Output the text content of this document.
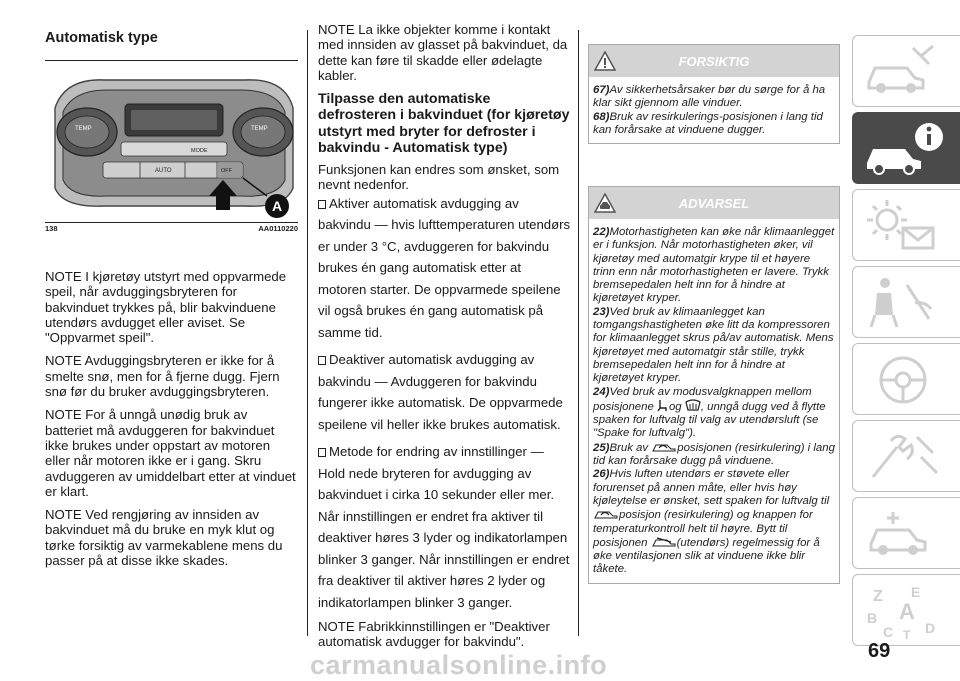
Automatisk type
A
TEMP	TEMP
AUTO
MODE
OFF
138	AA0110220

NOTE I kjøretøy utstyrt med oppvarmede speil, når avduggingsbryteren for bakvinduet trykkes på, blir bakvinduene utendørs avdugget eller aviset. Se "Oppvarmet speil".

NOTE Avduggingsbryteren er ikke for å smelte snø, men for å fjerne dugg. Fjern snø før du bruker avduggingsbryteren.

NOTE For å unngå unødig bruk av batteriet må avduggeren for bakvinduet ikke brukes under oppstart av motoren eller når motoren ikke er i gang. Skru avduggeren av umiddelbart etter at vinduet er klart.

NOTE Ved rengjøring av innsiden av bakvinduet må du bruke en myk klut og tørke forsiktig av varmekablene mens du passer på at disse ikke skades.

NOTE La ikke objekter komme i kontakt med innsiden av glasset på bakvinduet, da dette kan føre til skadde eller ødelagte kabler.

Tilpasse den automatiske defrosteren i bakvinduet (for kjøretøy utstyrt med bryter for defroster i bakvindu - Automatisk type)

Funksjonen kan endres som ønsket, som nevnt nedenfor.

Aktiver automatisk avdugging av bakvindu — hvis lufttemperaturen utendørs er under 3 °C, avduggeren for bakvindu brukes én gang automatisk etter at motoren starter. De oppvarmede speilene vil også brukes én gang automatisk på samme tid.
Deaktiver automatisk avdugging av bakvindu — Avduggeren for bakvindu fungerer ikke automatisk. De oppvarmede speilene vil heller ikke brukes automatisk.
Metode for endring av innstillinger — Hold nede bryteren for avdugging av bakvinduet i cirka 10 sekunder eller mer. Når innstillingen er endret fra aktiver til deaktiver høres 3 lyder og indikatorlampen blinker 3 ganger. Når innstillingen er endret fra deaktiver til aktiver høres 2 lyder og indikatorlampen blinker 3 ganger.

NOTE Fabrikkinnstillingen er "Deaktiver automatisk avdugger for bakvindu".

FORSIKTIG

67)Av sikkerhetsårsaker bør du sørge for å ha klar sikt gjennom alle vinduer.

68)Bruk av resirkulerings-posisjonen i lang tid kan forårsake at vinduene dugger.

ADVARSEL

22)Motorhastigheten kan øke når klimaanlegget er i funksjon. Når motorhastigheten øker, vil kjøretøy med automatgir krype til et høyere trinn enn når motorhastigheten er lavere. Trykk bremsepedalen helt inn for å hindre at kjøretøyet kryper.

23)Ved bruk av klimaanlegget kan tomgangshastigheten øke litt da kompressoren for klimaanlegget skrus på/av automatisk. Mens kjøretøyet med automatgir står stille, trykk bremsepedalen helt inn for å hindre at kjøretøyet kryper.

24)Ved bruk av modusvalgknappen mellom posisjonene og , unngå dugg ved å flytte spaken for luftvalg til valg av utendørsluft (se "Spake for luftvalg").

25)Bruk av	posisjonen (resirkulering) i lang tid kan forårsake dugg på vinduene.

26)Hvis luften utendørs er støvete eller forurenset på annen måte, eller hvis høy kjøleytelse er ønsket, sett spaken for luftvalg til posisjon (resirkulering) og knappen for temperaturkontroll helt til høyre. Bytt til posisjonen	(utendørs) regelmessig for å øke ventilasjonen slik at vinduene ikke blir tåkete.

Z E
B A
C T D
69
carmanualsonline.info
